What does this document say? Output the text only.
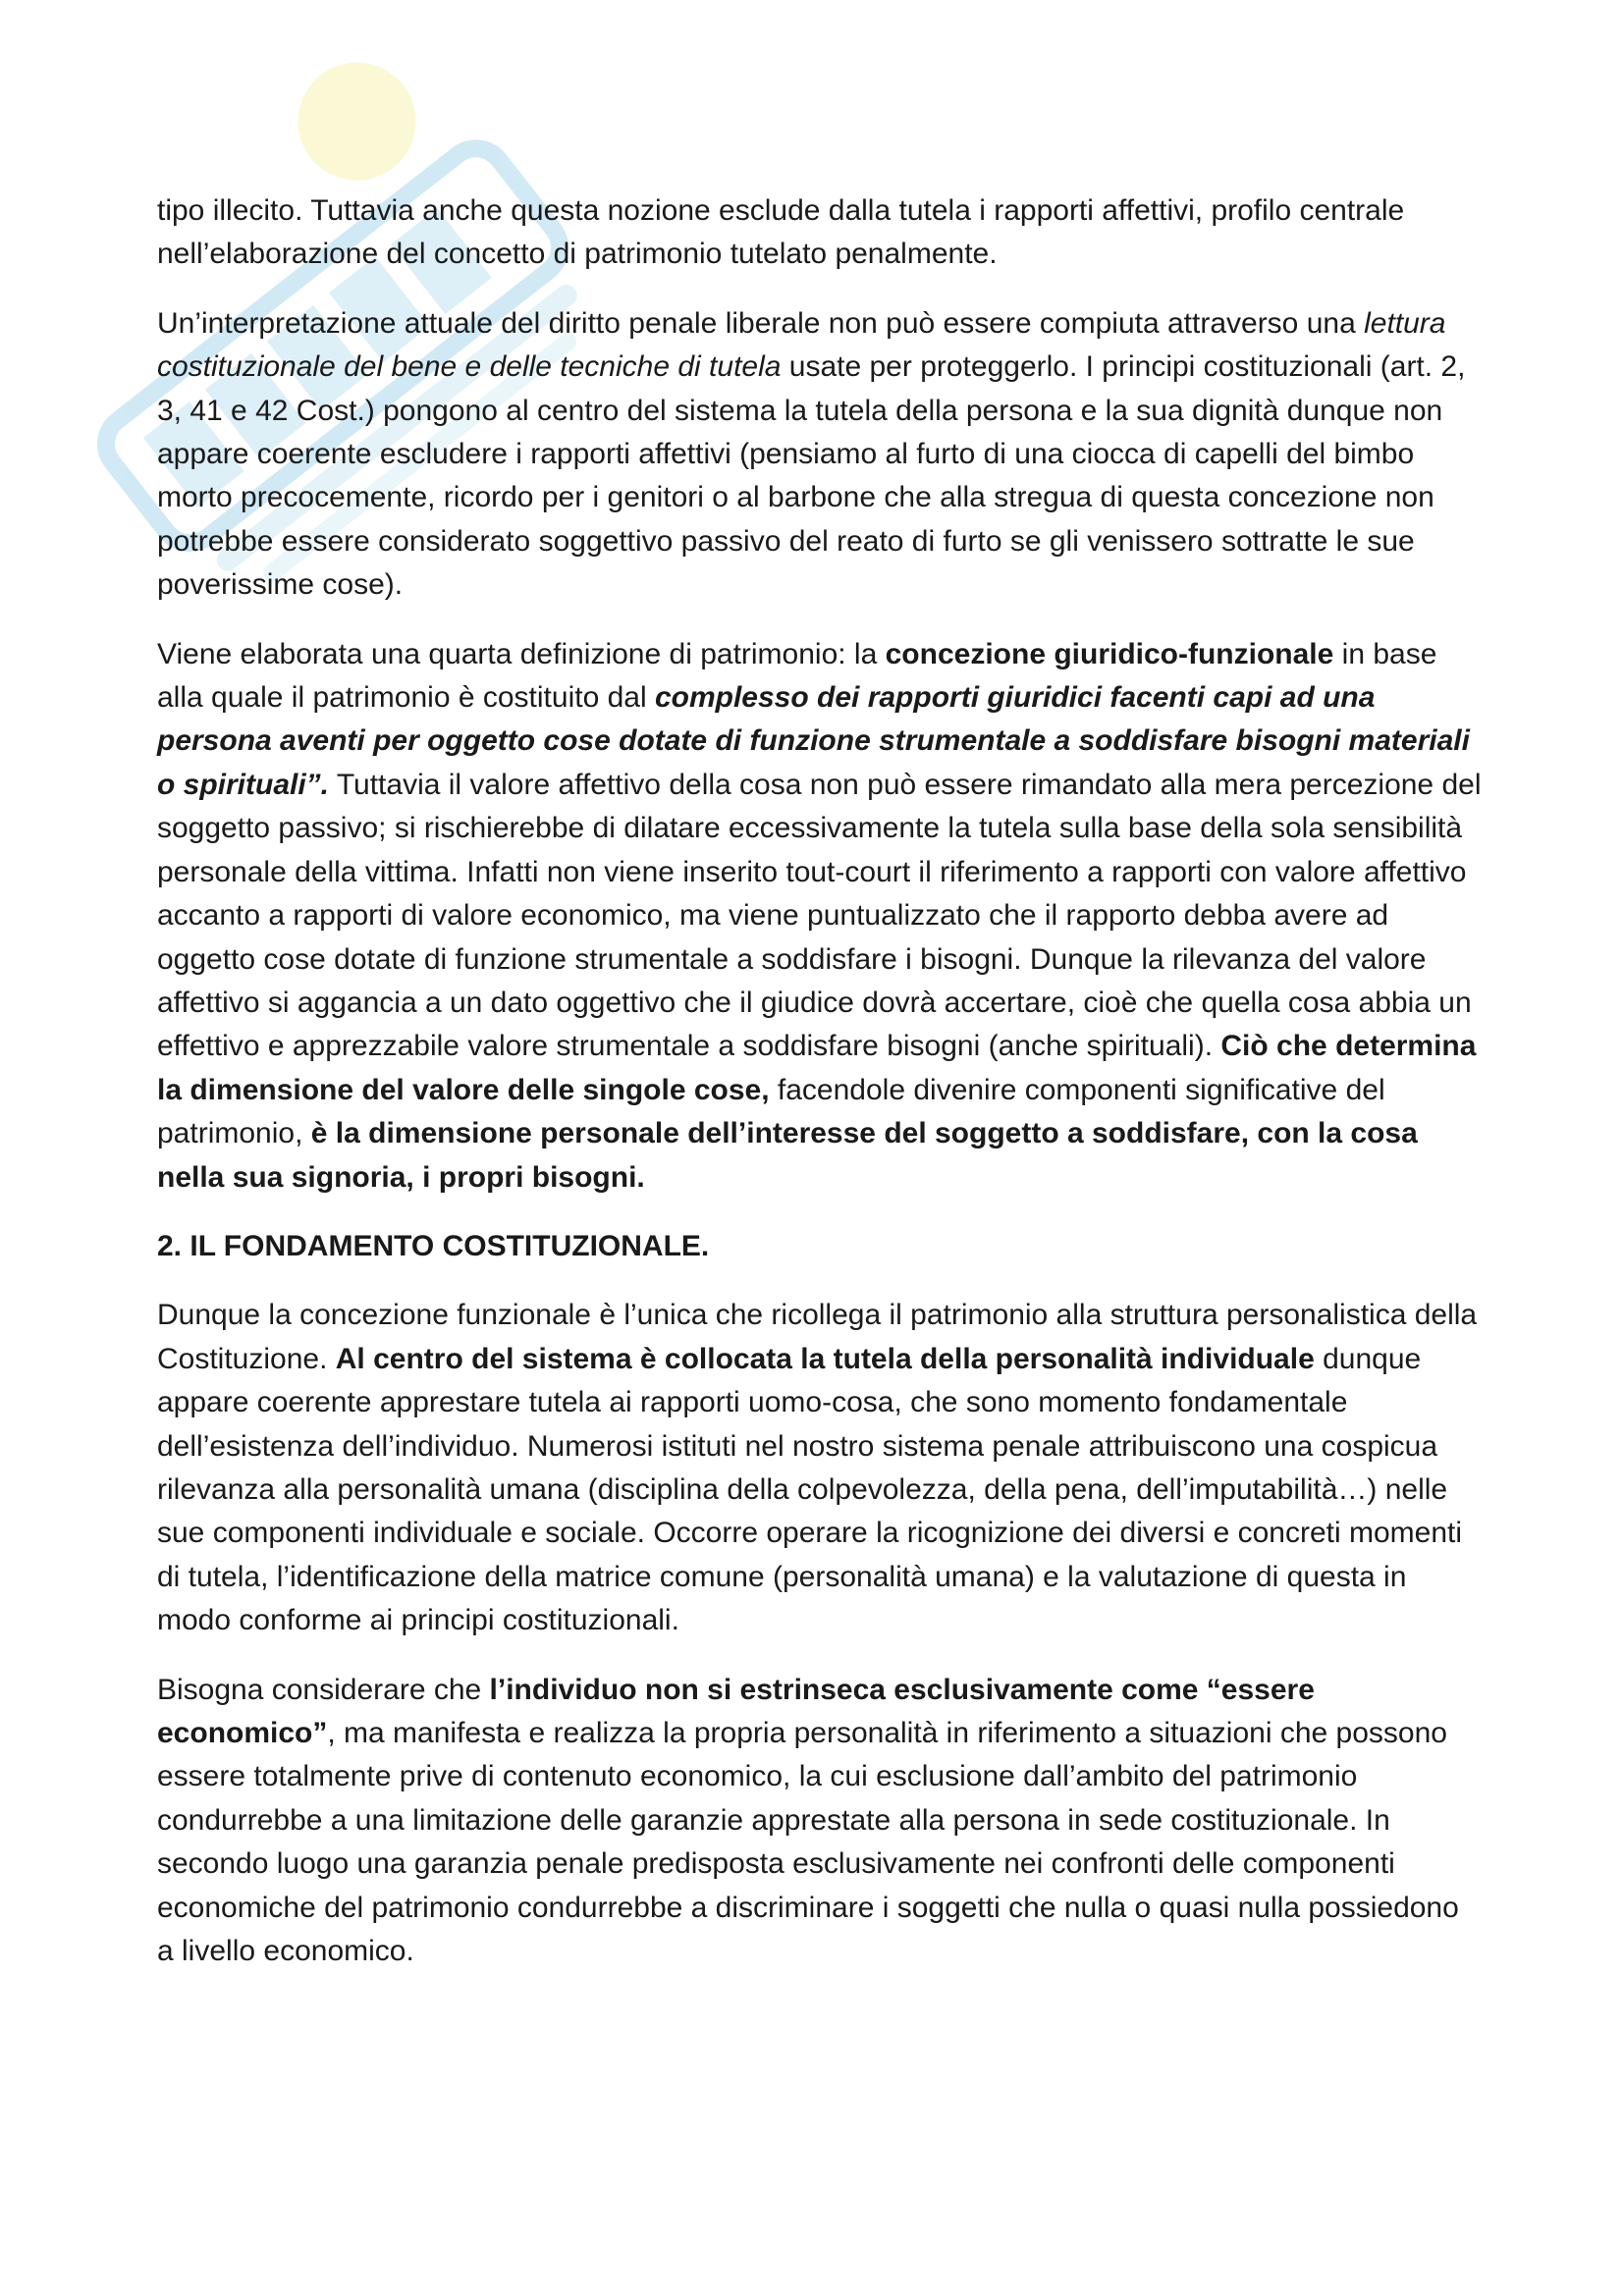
tipo illecito. Tuttavia anche questa nozione esclude dalla tutela i rapporti affettivi, profilo centrale nell’elaborazione del concetto di patrimonio tutelato penalmente.

Un’interpretazione attuale del diritto penale liberale non può essere compiuta attraverso una lettura costituzionale del bene e delle tecniche di tutela usate per proteggerlo. I principi costituzionali (art. 2, 3, 41 e 42 Cost.) pongono al centro del sistema la tutela della persona e la sua dignità dunque non appare coerente escludere i rapporti affettivi (pensiamo al furto di una ciocca di capelli del bimbo morto precocemente, ricordo per i genitori o al barbone che alla stregua di questa concezione non potrebbe essere considerato soggettivo passivo del reato di furto se gli venissero sottratte le sue poverissime cose).

Viene elaborata una quarta definizione di patrimonio: la concezione giuridico-funzionale in base alla quale il patrimonio è costituito dal complesso dei rapporti giuridici facenti capi ad una persona aventi per oggetto cose dotate di funzione strumentale a soddisfare bisogni materiali o spirituali”. Tuttavia il valore affettivo della cosa non può essere rimandato alla mera percezione del soggetto passivo; si rischierebbe di dilatare eccessivamente la tutela sulla base della sola sensibilità personale della vittima. Infatti non viene inserito tout-court il riferimento a rapporti con valore affettivo accanto a rapporti di valore economico, ma viene puntualizzato che il rapporto debba avere ad oggetto cose dotate di funzione strumentale a soddisfare i bisogni. Dunque la rilevanza del valore affettivo si aggancia a un dato oggettivo che il giudice dovrà accertare, cioè che quella cosa abbia un effettivo e apprezzabile valore strumentale a soddisfare bisogni (anche spirituali). Ciò che determina la dimensione del valore delle singole cose, facendole divenire componenti significative del patrimonio, è la dimensione personale dell’interesse del soggetto a soddisfare, con la cosa nella sua signoria, i propri bisogni.

2. IL FONDAMENTO COSTITUZIONALE.

Dunque la concezione funzionale è l’unica che ricollega il patrimonio alla struttura personalistica della Costituzione. Al centro del sistema è collocata la tutela della personalità individuale dunque appare coerente apprestare tutela ai rapporti uomo-cosa, che sono momento fondamentale dell’esistenza dell’individuo. Numerosi istituti nel nostro sistema penale attribuiscono una cospicua rilevanza alla personalità umana (disciplina della colpevolezza, della pena, dell’imputabilità…) nelle sue componenti individuale e sociale. Occorre operare la ricognizione dei diversi e concreti momenti di tutela, l’identificazione della matrice comune (personalità umana) e la valutazione di questa in modo conforme ai principi costituzionali.

Bisogna considerare che l’individuo non si estrinseca esclusivamente come “essere economico”, ma manifesta e realizza la propria personalità in riferimento a situazioni che possono essere totalmente prive di contenuto economico, la cui esclusione dall’ambito del patrimonio condurrebbe a una limitazione delle garanzie apprestate alla persona in sede costituzionale. In secondo luogo una garanzia penale predisposta esclusivamente nei confronti delle componenti economiche del patrimonio condurrebbe a discriminare i soggetti che nulla o quasi nulla possiedono a livello economico.
